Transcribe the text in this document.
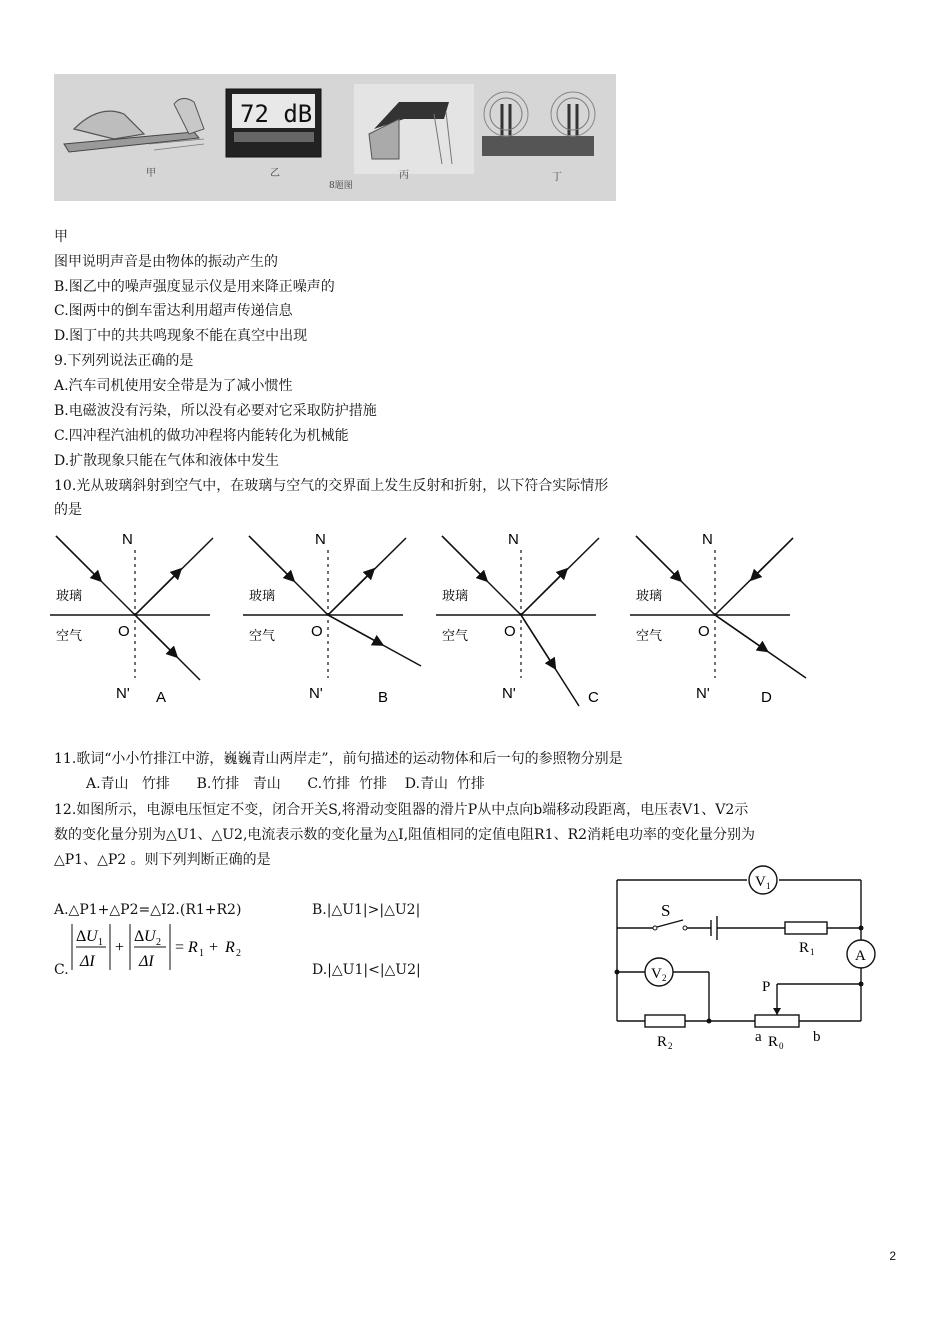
甲
72 dB
乙
8题图
丙	丁
甲
图甲说明声音是由物体的振动产生的
B.图乙中的噪声强度显示仪是用来降正噪声的
C.图两中的倒车雷达利用超声传递信息
D.图丁中的共共鸣现象不能在真空中出现
9.下列列说法正确的是
A.汽车司机使用安全带是为了减小惯性
B.电磁波没有污染，所以没有必要对它采取防护措施
C.四冲程汽油机的做功冲程将内能转化为机械能
D.扩散现象只能在气体和液体中发生
10.光从玻璃斜射到空气中，在玻璃与空气的交界面上发生反射和折射，以下符合实际情形
的是
N
O
N'
玻璃
空气
A
N
O
N'
玻璃
空气
B
N
O
N'
玻璃
空气
C
N
O
N'
玻璃
空气
D
11.歌词“小小竹排江中游，巍巍青山两岸走”，前句描述的运动物体和后一句的参照物分别是
A.青山   竹排      B.竹排   青山      C.竹排  竹排    D.青山  竹排
12.如图所示，电源电压恒定不变，闭合开关S,将滑动变阻器的滑片P从中点向b端移动段距离，电压表V1、V2示
数的变化量分别为△U1、△U2,电流表示数的变化量为△I,阻值相同的定值电阻R1、R2消耗电功率的变化量分别为
△P1、△P2 。则下列判断正确的是
A.△P1+△P2=△I2.(R1+R2)	B.|△U1|>|△U2|
C.
Δ U 1
ΔI
+
Δ U 2
ΔI
= R 1 + R 2
D.|△U1|<|△U2|
V 1
S
R 1	A
V 2
R 2
a R 0
b
P
2
